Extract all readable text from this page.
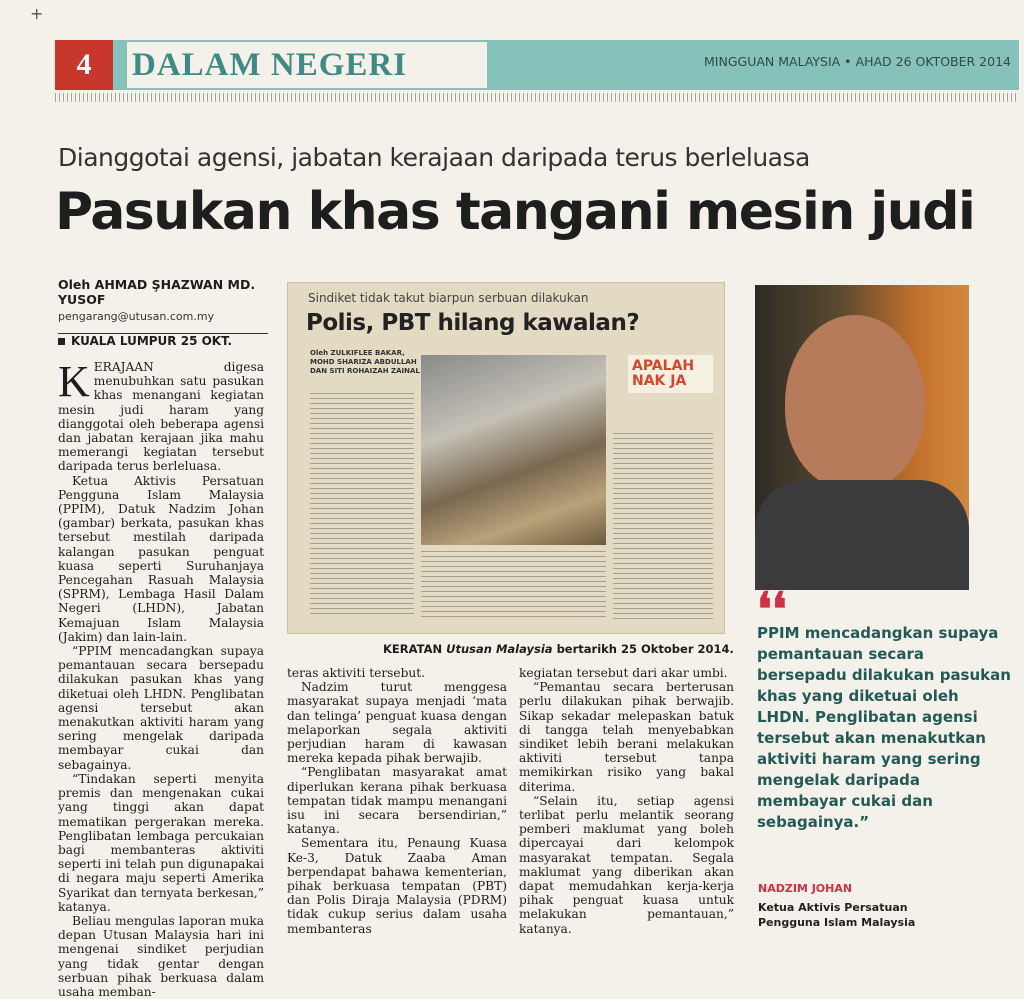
+
4	DALAM NEGERI	MINGGUAN MALAYSIA • AHAD 26 OKTOBER 2014
Dianggotai agensi, jabatan kerajaan daripada terus berleluasa
Pasukan khas tangani mesin judi
Oleh AHMAD ŞHAZWAN MD. YUSOF
pengarang@utusan.com.my
KUALA LUMPUR 25 OKT.

KERAJAAN digesa menubuhkan satu pasukan khas menangani kegiatan mesin judi haram yang dianggotai oleh beberapa agensi dan jabatan kerajaan jika mahu memerangi kegiatan tersebut daripada terus berleluasa.

Ketua Aktivis Persatuan Pengguna Islam Malaysia (PPIM), Datuk Nadzim Johan (gambar) berkata, pasukan khas tersebut mestilah daripada kalangan pasukan penguat kuasa seperti Suruhanjaya Pencegahan Rasuah Malaysia (SPRM), Lembaga Hasil Dalam Negeri (LHDN), Jabatan Kemajuan Islam Malaysia (Jakim) dan lain-lain.

“PPIM mencadangkan supaya pemantauan secara bersepadu dilakukan pasukan khas yang diketuai oleh LHDN. Penglibatan agensi tersebut akan menakutkan aktiviti haram yang sering mengelak daripada membayar cukai dan sebagainya.

“Tindakan seperti menyita premis dan mengenakan cukai yang tinggi akan dapat mematikan pergerakan mereka. Penglibatan lembaga percukaian bagi membanteras aktiviti seperti ini telah pun digunapakai di negara maju seperti Amerika Syarikat dan ternyata berkesan,” katanya.

Beliau mengulas laporan muka depan Utusan Malaysia hari ini mengenai sindiket perjudian yang tidak gentar dengan serbuan pihak berkuasa dalam usaha memban-

Sindiket tidak takut biarpun serbuan dilakukan
Polis, PBT hilang kawalan?
Oleh ZULKIFLEE BAKAR, MOHD SHARIZA ABDULLAH DAN SITI ROHAIZAH ZAINAL	APALAH NAK JA
KERATAN Utusan Malaysia bertarikh 25 Oktober 2014.

teras aktiviti tersebut.

Nadzim turut menggesa masyarakat supaya menjadi ‘mata dan telinga’ penguat kuasa dengan melaporkan segala aktiviti perjudian haram di kawasan mereka kepada pihak berwajib.

“Penglibatan masyarakat amat diperlukan kerana pihak berkuasa tempatan tidak mampu menangani isu ini secara bersendirian,” katanya.

Sementara itu, Penaung Kuasa Ke-3, Datuk Zaaba Aman berpendapat bahawa kementerian, pihak berkuasa tempatan (PBT) dan Polis Diraja Malaysia (PDRM) tidak cukup serius dalam usaha membanteras

kegiatan tersebut dari akar umbi.

“Pemantau secara berterusan perlu dilakukan pihak berwajib. Sikap sekadar melepaskan batuk di tangga telah menyebabkan sindiket lebih berani melakukan aktiviti tersebut tanpa memikirkan risiko yang bakal diterima.

“Selain itu, setiap agensi terlibat perlu melantik seorang pemberi maklumat yang boleh dipercayai dari kelompok masyarakat tempatan. Segala maklumat yang diberikan akan dapat memudahkan kerja-kerja pihak penguat kuasa untuk melakukan pemantauan,” katanya.

❛❛
PPIM mencadangkan supaya pemantauan secara bersepadu dilakukan pasukan khas yang diketuai oleh LHDN. Penglibatan agensi tersebut akan menakutkan aktiviti haram yang sering mengelak daripada membayar cukai dan sebagainya.”
NADZIM JOHAN
Ketua Aktivis Persatuan Pengguna Islam Malaysia
